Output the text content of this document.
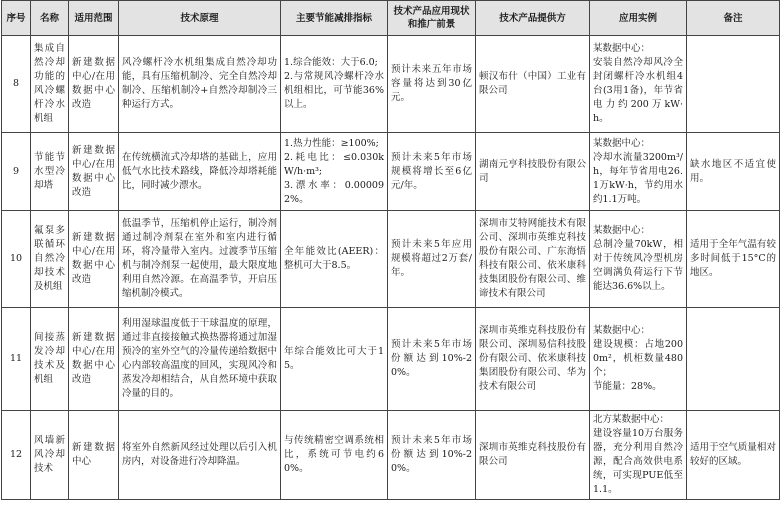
序号	名称	适用范围	技术原理	主要节能减排指标	技术产品应用现状和推广前景	技术产品提供方	应用实例	备注
8	集成自然冷却功能的风冷螺杆冷水机组	新建数据中心/在用数据中心改造	风冷螺杆冷水机组集成自然冷却功能，具有压缩机制冷、完全自然冷却制冷、压缩机制冷+自然冷却制冷三种运行方式。	1.综合能效：大于6.0;
2.与常规风冷螺杆冷水机组相比，可节能36%以上。	预计未来五年市场容量将达到30亿元。	顿汉布什（中国）工业有限公司	某数据中心：
安装自然冷却风冷全封闭螺杆冷水机组4台(3用1备)，年节省电力约200万kW·h。	

9	节能节水型冷却塔	新建数据中心/在用数据中心改造	在传统横流式冷却塔的基础上，应用低气水比技术路线，降低冷却塔耗能比，同时减少漂水。	1.热力性能：≥100%;
2.耗电比：≤0.030kW/h·m³;
3.漂水率：0.000092%。	预计未来5年市场规模将增长至6亿元/年。	湖南元亨科技股份有限公司	某数据中心：
冷却水流量3200m³/h，每年节省用电26.1万kW·h，节约用水约1.1万吨。	缺水地区不适宜使用。

10	氟泵多联循环自然冷却技术及机组	新建数据中心/在用数据中心改造	低温季节，压缩机停止运行，制冷剂通过制冷剂泵在室外和室内进行循环，将冷量带入室内。过渡季节压缩机与制冷剂泵一起使用，最大限度地利用自然冷源。在高温季节，开启压缩机制冷模式。	全年能效比(AEER)：整机可大于8.5。	预计未来5年应用规模将超过2万套/年。	深圳市艾特网能技术有限公司、深圳市英维克科技股份有限公司、广东海悟科技有限公司、依米康科技集团股份有限公司、维谛技术有限公司	某数据中心：
总制冷量70kW，相对于传统风冷型机房空调满负荷运行下节能达36.6%以上。	适用于全年气温有较多时间低于15°C的地区。

11	间接蒸发冷却技术及机组	新建数据中心/在用数据中心改造	利用湿球温度低于干球温度的原理，通过非直接接触式换热器将通过加湿预冷的室外空气的冷量传递给数据中心内部较高温度的回风，实现风冷和蒸发冷却相结合，从自然环境中获取冷量的目的。	年综合能效比可大于15。	预计未来5年市场份额达到10%-20%。	深圳市英维克科技股份有限公司、深圳易信科技股份有限公司、依米康科技集团股份有限公司、华为技术有限公司	某数据中心：
建设规模：占地2000m²，机柜数量480个；
节能量：28%。	

12	风墙新风冷却技术	新建数据中心	将室外自然新风经过处理以后引入机房内，对设备进行冷却降温。	与传统精密空调系统相比，系统可节电约60%。	预计未来5年市场份额达到10%-20%。	深圳市英维克科技股份有限公司	北方某数据中心：
建设容量10万台服务器，充分利用自然冷源，配合高效供电系统，可实现PUE低至1.1。	适用于空气质量相对较好的区域。
